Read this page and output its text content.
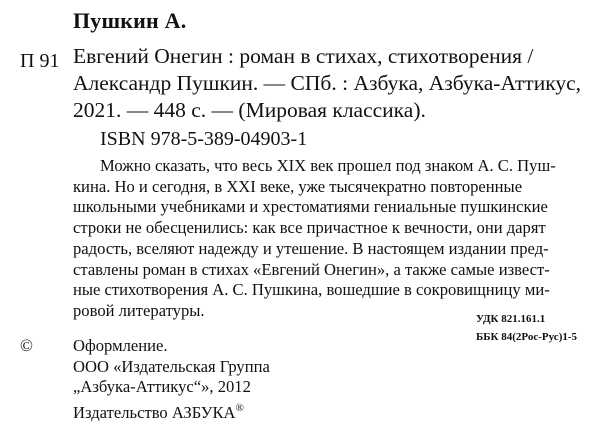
Пушкин А.
П 91 Евгений Онегин : роман в стихах, стихотворения /
Александр Пушкин. — СПб. : Азбука, Азбука-Аттикус,
2021. — 448 с. — (Мировая классика).
ISBN 978-5-389-04903-1
Можно сказать, что весь XIX век прошел под знаком А. С. Пуш-
кина. Но и сегодня, в XXI веке, уже тысячекратно повторенные
школьными учебниками и хрестоматиями гениальные пушкинские
строки не обесценились: как все причастное к вечности, они дарят
радость, вселяют надежду и утешение. В настоящем издании пред-
ставлены роман в стихах «Евгений Онегин», а также самые извест-
ные стихотворения А. С. Пушкина, вошедшие в сокровищницу ми-
ровой литературы.	УДК 821.161.1
ББК 84(2Рос-Рус)1-5
© Оформление.
ООО «Издательская Группа
„Азбука-Аттикус“», 2012
Издательство АЗБУКА®
